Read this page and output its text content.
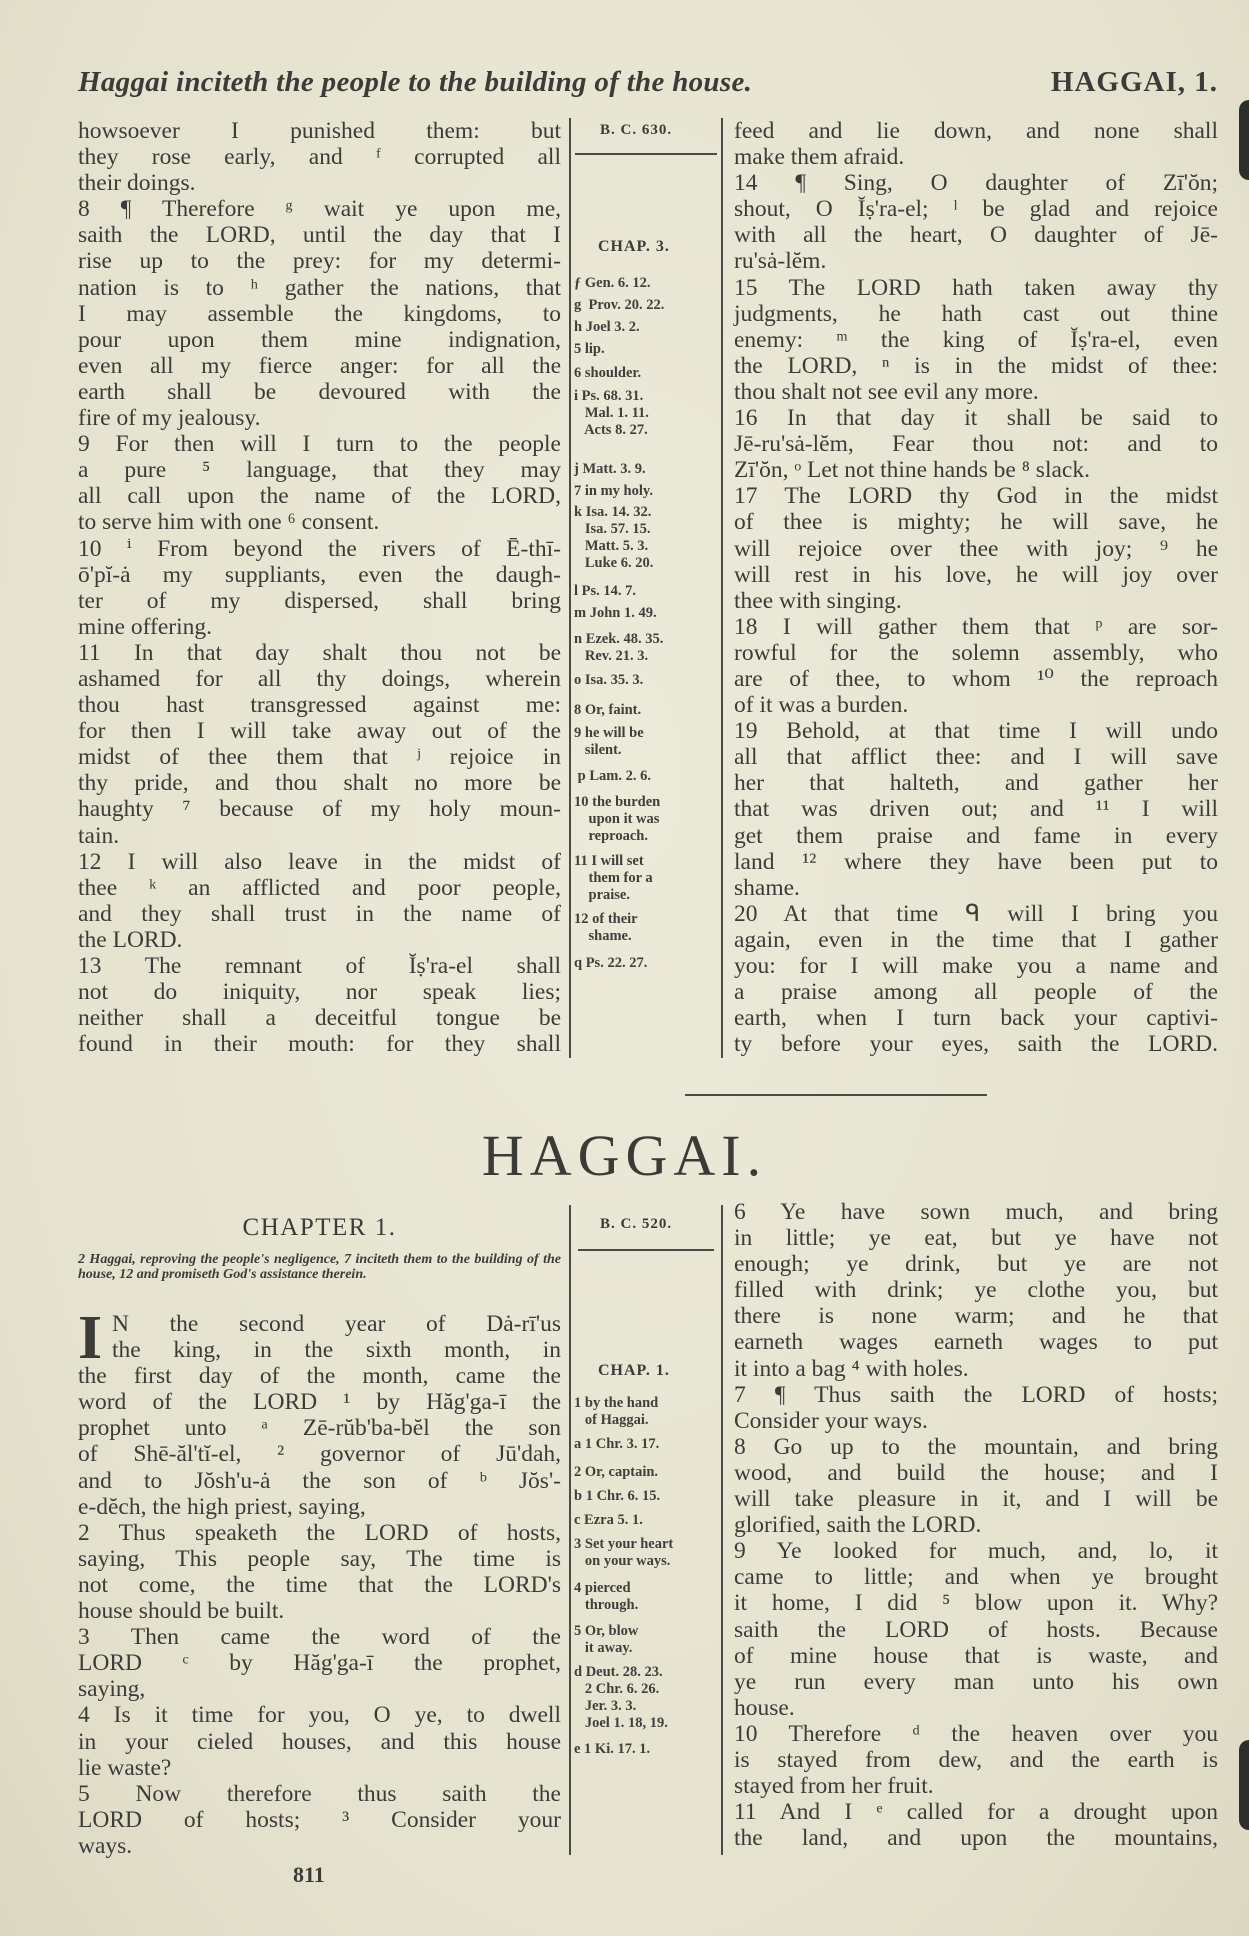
Haggai inciteth the people to the building of the house.	HAGGAI, 1.
howsoever I punished them: but
they rose early, and ᶠ corrupted all
their doings.
8 ¶ Therefore ᵍ wait ye upon me,
saith the LORD, until the day that I
rise up to the prey: for my determi-
nation is to ʰ gather the nations, that
I may assemble the kingdoms, to
pour upon them mine indignation,
even all my fierce anger: for all the
earth shall be devoured with the
fire of my jealousy.
9 For then will I turn to the people
a pure ⁵ language, that they may
all call upon the name of the LORD,
to serve him with one ⁶ consent.
10 ⁱ From beyond the rivers of Ē-thī-
ō'pĭ-ȧ my suppliants, even the daugh-
ter of my dispersed, shall bring
mine offering.
11 In that day shalt thou not be
ashamed for all thy doings, wherein
thou hast transgressed against me:
for then I will take away out of the
midst of thee them that ʲ rejoice in
thy pride, and thou shalt no more be
haughty ⁷ because of my holy moun-
tain.
12 I will also leave in the midst of
thee ᵏ an afflicted and poor people,
and they shall trust in the name of
the LORD.
13 The remnant of Ĭṣ'ra-el shall
not do iniquity, nor speak lies;
neither shall a deceitful tongue be
found in their mouth: for they shall
feed and lie down, and none shall
make them afraid.
14 ¶ Sing, O daughter of Zī'ŏn;
shout, O Ĭṣ'ra-el; ˡ be glad and rejoice
with all the heart, O daughter of Jē-
ru'sȧ-lĕm.
15 The LORD hath taken away thy
judgments, he hath cast out thine
enemy: ᵐ the king of Ĭṣ'ra-el, even
the LORD, ⁿ is in the midst of thee:
thou shalt not see evil any more.
16 In that day it shall be said to
Jē-ru'sȧ-lĕm, Fear thou not: and to
Zī'ŏn, ᵒ Let not thine hands be ⁸ slack.
17 The LORD thy God in the midst
of thee is mighty; he will save, he
will rejoice over thee with joy; ⁹ he
will rest in his love, he will joy over
thee with singing.
18 I will gather them that ᵖ are sor-
rowful for the solemn assembly, who
are of thee, to whom ¹⁰ the reproach
of it was a burden.
19 Behold, at that time I will undo
all that afflict thee: and I will save
her that halteth, and gather her
that was driven out; and ¹¹ I will
get them praise and fame in every
land ¹² where they have been put to
shame.
20 At that time ᑫ will I bring you
again, even in the time that I gather
you: for I will make you a name and
a praise among all people of the
earth, when I turn back your captivi-
ty before your eyes, saith the LORD.
B. C. 630.
CHAP. 3.
ƒ Gen. 6. 12.
g  Prov. 20. 22.
h Joel 3. 2.
5 lip.
6 shoulder.
i Ps. 68. 31.
Mal. 1. 11.
Acts 8. 27.
j Matt. 3. 9.
7 in my holy.
k Isa. 14. 32.
Isa. 57. 15.
Matt. 5. 3.
Luke 6. 20.
l Ps. 14. 7.
m John 1. 49.
n Ezek. 48. 35.
Rev. 21. 3.
o Isa. 35. 3.
8 Or, faint.
9 he will be
silent.
p Lam. 2. 6.
10 the burden
upon it was
reproach.
11 I will set
them for a
praise.
12 of their
shame.
q Ps. 22. 27.
HAGGAI.
CHAPTER 1.
2 Haggai, reproving the people's negligence, 7 inciteth them to the building of the house, 12 and promiseth God's assistance therein.
I N the second year of Dȧ-rī'us
the king, in the sixth month, in
the first day of the month, came the
word of the LORD ¹ by Hăg'ga-ī the
prophet unto ᵃ Zē-rŭb'ba-bĕl the son
of Shē-ăl'tĭ-el, ² governor of Jū'dah,
and to Jŏsh'u-ȧ the son of ᵇ Jŏs'-
e-dĕch, the high priest, saying,
2 Thus speaketh the LORD of hosts,
saying, This people say, The time is
not come, the time that the LORD's
house should be built.
3 Then came the word of the
LORD ᶜ by Hăg'ga-ī the prophet,
saying,
4 Is it time for you, O ye, to dwell
in your cieled houses, and this house
lie waste?
5 Now therefore thus saith the
LORD of hosts; ³ Consider your
ways.
6 Ye have sown much, and bring
in little; ye eat, but ye have not
enough; ye drink, but ye are not
filled with drink; ye clothe you, but
there is none warm; and he that
earneth wages earneth wages to put
it into a bag ⁴ with holes.
7 ¶ Thus saith the LORD of hosts;
Consider your ways.
8 Go up to the mountain, and bring
wood, and build the house; and I
will take pleasure in it, and I will be
glorified, saith the LORD.
9 Ye looked for much, and, lo, it
came to little; and when ye brought
it home, I did ⁵ blow upon it. Why?
saith the LORD of hosts. Because
of mine house that is waste, and
ye run every man unto his own
house.
10 Therefore ᵈ the heaven over you
is stayed from dew, and the earth is
stayed from her fruit.
11 And I ᵉ called for a drought upon
the land, and upon the mountains,
B. C. 520.
CHAP. 1.
1 by the hand
of Haggai.
a 1 Chr. 3. 17.
2 Or, captain.
b 1 Chr. 6. 15.
c Ezra 5. 1.
3 Set your heart
on your ways.
4 pierced
through.
5 Or, blow
it away.
d Deut. 28. 23.
2 Chr. 6. 26.
Jer. 3. 3.
Joel 1. 18, 19.
e 1 Ki. 17. 1.
811
